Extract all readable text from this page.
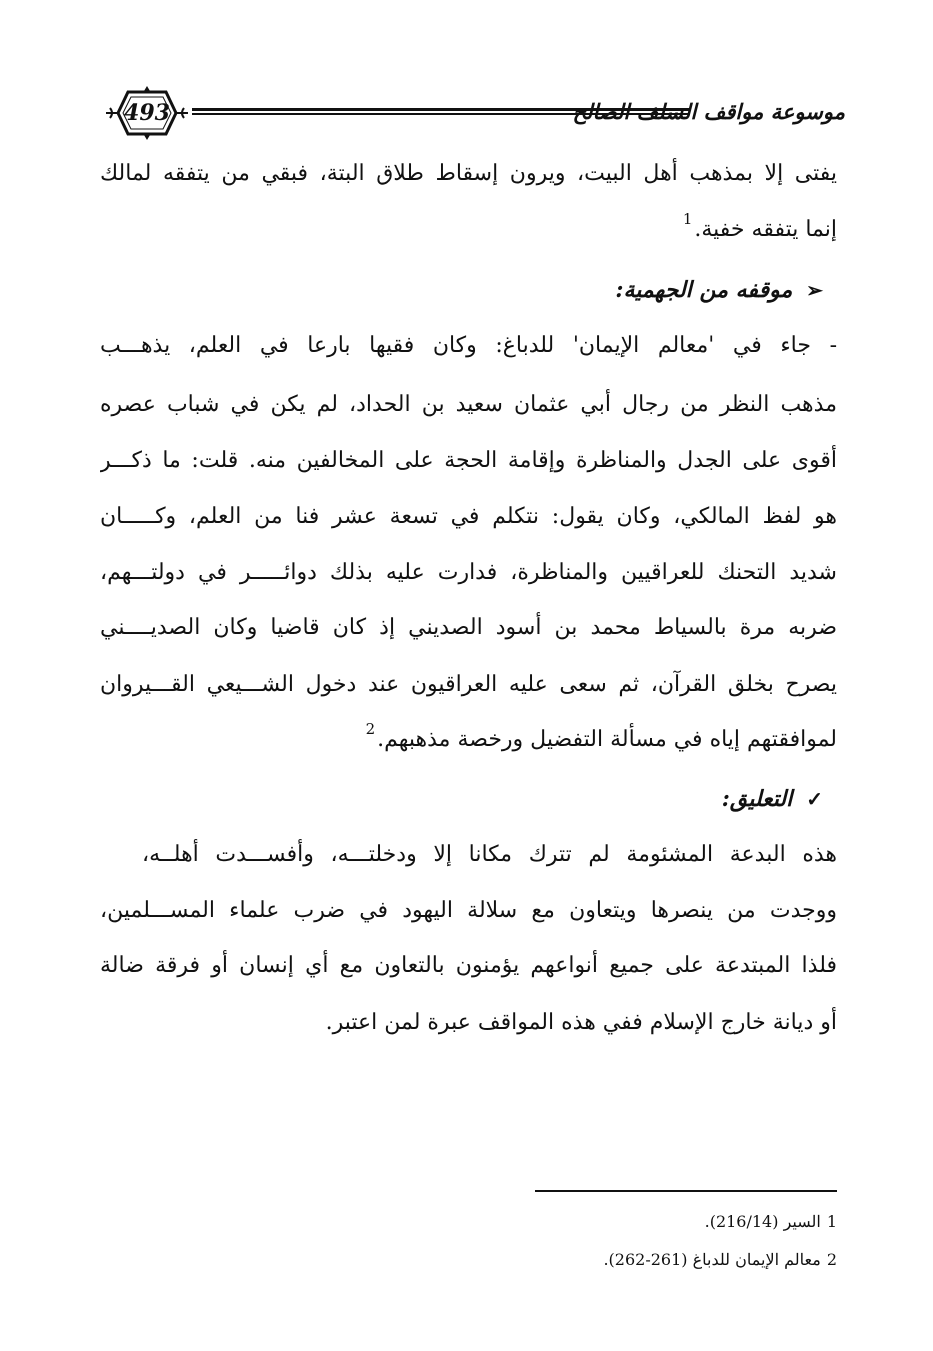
493	موسوعة مواقف السلف الصالح
يفتى إلا بمذهب أهل البيت، ويرون إسقاط طلاق البتة، فبقي من يتفقه لمالك
إنما يتفقه خفية.$^1$
➢
موقفه من الجهمية:
- جاء في 'معالم الإيمان' للدباغ: وكان فقيها بارعا في العلم، يذهـــب
مذهب النظر من رجال أبي عثمان سعيد بن الحداد، لم يكن في شباب عصره
أقوى على الجدل والمناظرة وإقامة الحجة على المخالفين منه. قلت: ما ذكـــر
هو لفظ المالكي، وكان يقول: نتكلم في تسعة عشر فنا من العلم، وكـــــان
شديد التحنك للعراقيين والمناظرة، فدارت عليه بذلك دوائـــــر في دولتـــهم،
ضربه مرة بالسياط محمد بن أسود الصديني إذ كان قاضيا وكان الصديــــني
يصرح بخلق القرآن، ثم سعى عليه العراقيون عند دخول الشـــيعي القـــيروان
لموافقتهم إياه في مسألة التفضيل ورخصة مذهبهم.$^2$
✓
التعليق:
هذه البدعة المشئومة لم تترك مكانا إلا ودخلتـــه، وأفســـدت أهلــه،
ووجدت من ينصرها ويتعاون مع سلالة اليهود في ضرب علماء المســـلمين،
فلذا المبتدعة على جميع أنواعهم يؤمنون بالتعاون مع أي إنسان أو فرقة ضالة
أو ديانة خارج الإسلام ففي هذه المواقف عبرة لمن اعتبر.
1السير (216/14).
2معالم الإيمان للدباغ (261-262).
